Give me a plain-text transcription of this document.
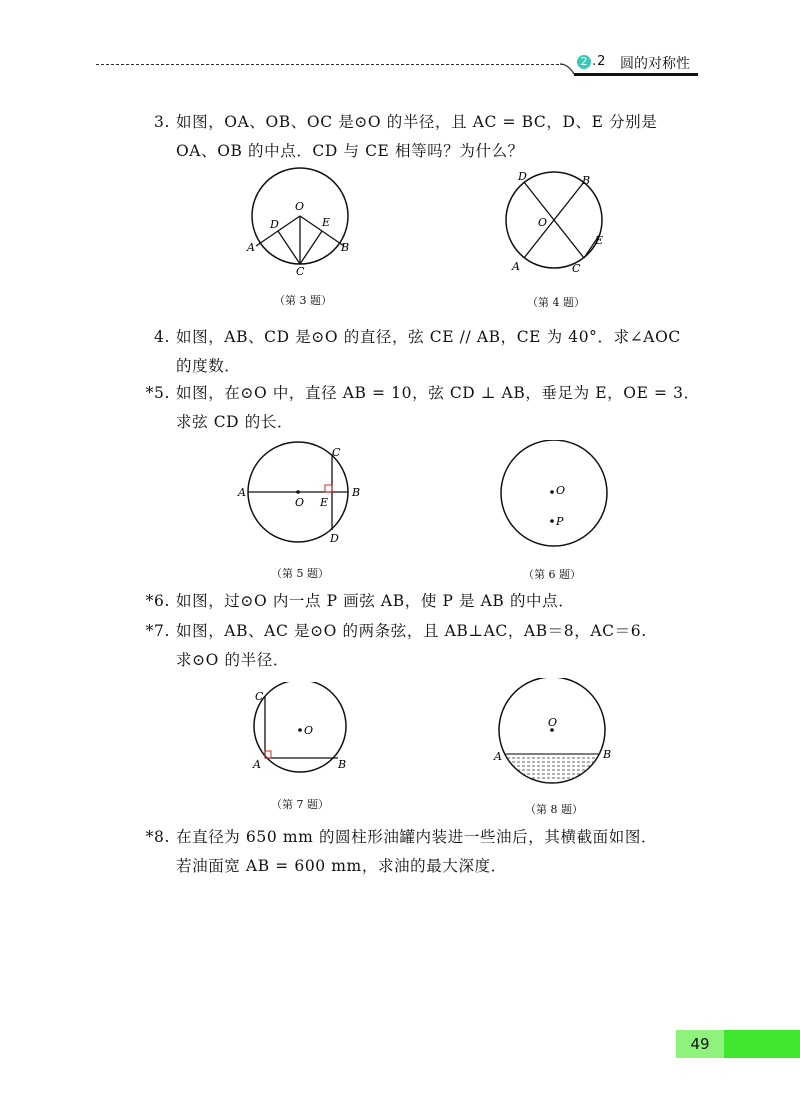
2 .2 圆的对称性
3. 如图，OA、OB、OC 是⊙O 的半径，且 AC = BC，D、E 分别是
OA、OB 的中点．CD 与 CE 相等吗？为什么？
O
D	E
A	B
C
（第 3 题）
D	B
O
E
A	C
（第 4 题）
4. 如图，AB、CD 是⊙O 的直径，弦 CE // AB，CE 为 40°．求∠AOC
的度数．
*5. 如图，在⊙O 中，直径 AB = 10，弦 CD ⊥ AB，垂足为 E，OE = 3．
求弦 CD 的长．
A	B
C
D
O E
（第 5 题）
O
P
（第 6 题）
*6. 如图，过⊙O 内一点 P 画弦 AB，使 P 是 AB 的中点．
*7. 如图，AB、AC 是⊙O 的两条弦，且 AB⊥AC，AB＝8，AC＝6.
求⊙O 的半径．
C
A	B
O
（第 7 题）
O
A	B
（第 8 题）
*8. 在直径为 650 mm 的圆柱形油罐内装进一些油后，其横截面如图．
若油面宽 AB = 600 mm，求油的最大深度．
49
